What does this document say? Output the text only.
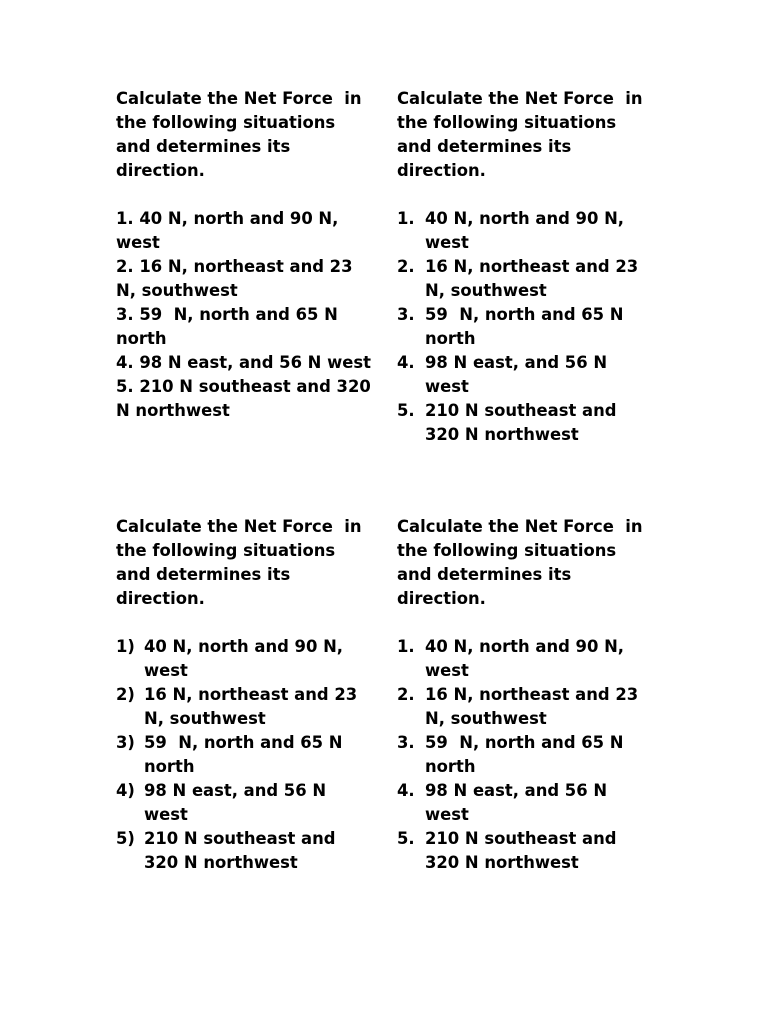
Calculate the Net Force  in the following situations and determines its direction.

1. 40 N, north and 90 N, west
2. 16 N, northeast and 23 N, southwest
3. 59  N, north and 65 N north
4. 98 N east, and 56 N west
5. 210 N southeast and 320 N northwest

Calculate the Net Force  in the following situations and determines its direction.

1. 40 N, north and 90 N, west
2. 16 N, northeast and 23 N, southwest
3. 59  N, north and 65 N north
4. 98 N east, and 56 N west
5. 210 N southeast and 320 N northwest

Calculate the Net Force  in the following situations and determines its direction.

1) 40 N, north and 90 N, west
2) 16 N, northeast and 23 N, southwest
3) 59  N, north and 65 N north
4) 98 N east, and 56 N west
5) 210 N southeast and 320 N northwest

Calculate the Net Force  in the following situations and determines its direction.

1. 40 N, north and 90 N, west
2. 16 N, northeast and 23 N, southwest
3. 59  N, north and 65 N north
4. 98 N east, and 56 N west
5. 210 N southeast and 320 N northwest
